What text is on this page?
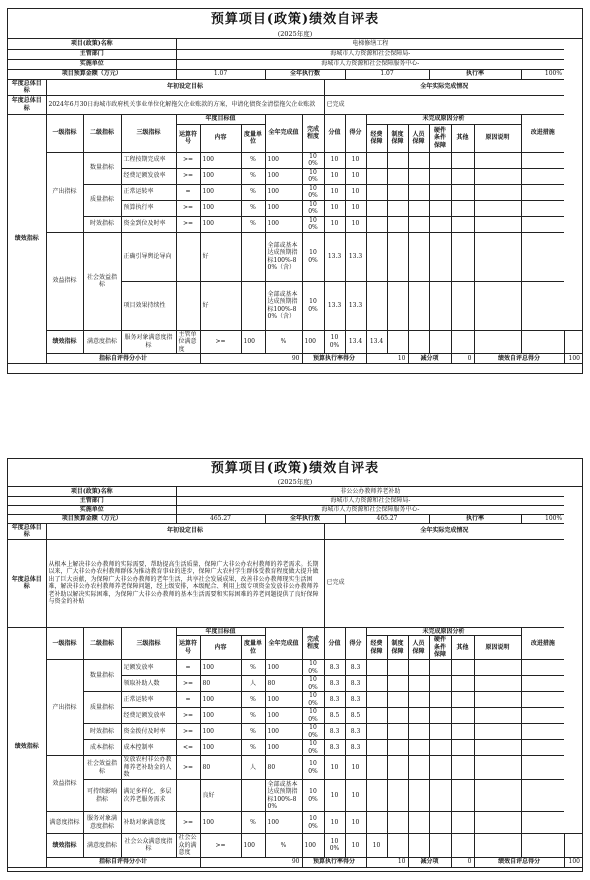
预算项目(政策)绩效自评表
(2025年度)
项目(政策)名称				电梯修缮工程														
主管部门				海城市人力资源和社会保障局-														
实施单位				海城市人力资源和社会保障服务中心-														
项目预算金额（万元）				1.07			全年执行数			1.07				执行率			100%	
年度总体目标	年初设定目标								全年实际完成情况									
年度总体目标	2024年6月30日海城市政府机关事业单位化解拖欠企业账款的方案，申请化债资金清偿拖欠企业账款								已完成									
绩效指标	一级指标	二级指标	三级指标	年度目标值			全年完成值	完成程度	分值	得分	未完成原因分析						改进措施	
				运算符号	内容	度量单位					经费保障	制度保障	人员保障	硬件条件保障	其他	原因说明		
	产出指标	数量指标	工程按期完成率	>=	100	%	100	100%	10	10								
			经费足额发放率	>=	100	%	100	100%	10	10								
		质量指标	正常运转率	=	100	%	100	100%	10	10								
			预算执行率	>=	100	%	100	100%	10	10								
		时效指标	资金到位及时率	>=	100	%	100	100%	10	10								
	效益指标	社会效益指标	正确引导舆论导向		好		全部或基本达成预期指标100%-80%（含）	100%	13.3	13.3								
			项目效果持续性		好		全部或基本达成预期指标100%-80%（含）	100%	13.3	13.3								
	绩效指标	满意度指标	服务对象满意度指标	主管单位满意度	>=	100	%	100	100%	13.4	13.4							
	指标自评得分小计				90			预算执行率得分			10		减分项		0	绩效自评总得分		100
预算项目(政策)绩效自评表
(2025年度)
项目(政策)名称				非公公办教师养老补助														
主管部门				海城市人力资源和社会保障局-														
实施单位				海城市人力资源和社会保障服务中心-														
项目预算金额（万元）				465.27			全年执行数			465.27				执行率			100%	
年度总体目标	年初设定目标								全年实际完成情况									
年度总体目标	从根本上解决非公办教师的实际需要，帮助提高生活质量，保障广大非公办农村教师的养老需求。长期以来，广大非公办农村教师群体为推动教育事业的进步，保障广大农村学生群体受教育程度做大提升做出了巨大贡献，为保障广大非公办教师的老年生活，共享社会发展成果，改善非公办教师现实生活困难，解决非公办农村教师养老保障问题，经上级安排，本级配合、利用上级专项资金发放非公办教师养老补助以解决实际困难，为保障广大非公办教师的基本生活需要和实际困难的养老问题提供了良好保障与资金的补贴								已完成									
绩效指标	一级指标	二级指标	三级指标	年度目标值			全年完成值	完成程度	分值	得分	未完成原因分析						改进措施	
				运算符号	内容	度量单位					经费保障	制度保障	人员保障	硬件条件保障	其他	原因说明		
	产出指标	数量指标	足额发放率	=	100	%	100	100%	8.3	8.3								
			领取补助人数	>=	80	人	80	100%	8.3	8.3								
		质量指标	正常运转率	=	100	%	100	100%	8.3	8.3								
			经费足额发放率	>=	100	%	100	100%	8.5	8.5								
		时效指标	资金拨付及时率	>=	100	%	100	100%	8.3	8.3								
		成本指标	成本控制率	<=	100	%	100	100%	8.3	8.3								
	效益指标	社会效益指标	发放农村非公办教师养老补助金的人数	>=	80	人	80	100%	10	10								
		可持续影响指标	满足多样化、多层次养老服务需求		良好		全部或基本达成预期指标100%-80%	100%	10	10								
	满意度指标	服务对象满意度指标	补助对象满意度	>=	100	%	100	100%	10	10								
	绩效指标	满意度指标	社会公众满意度指标	社会公众的满意度	>=	100	%	100	100%	10	10							
	指标自评得分小计				90			预算执行率得分			10		减分项		0	绩效自评总得分		100
